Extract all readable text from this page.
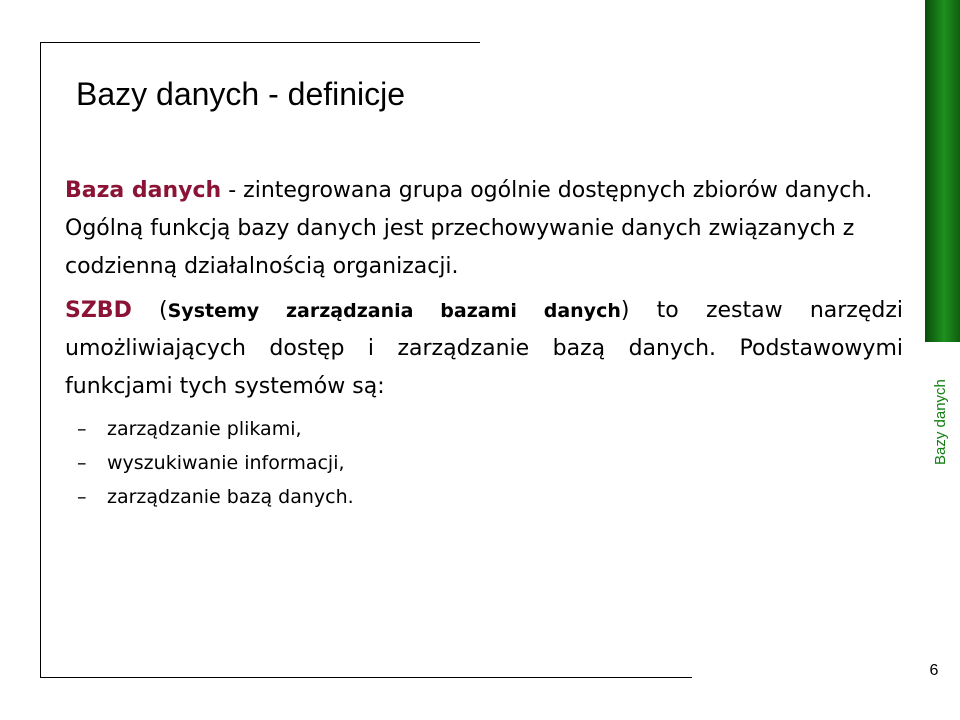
Bazy danych
6
Bazy danych - definicje

Baza danych - zintegrowana grupa ogólnie dostępnych zbiorów danych. Ogólną funkcją bazy danych jest przechowywanie danych związanych z codzienną działalnością organizacji.

SZBD (Systemy zarządzania bazami danych) to zestaw narzędzi umożliwiających dostęp i zarządzanie bazą danych. Podstawowymi funkcjami tych systemów są:

– zarządzanie plikami,
– wyszukiwanie informacji,
– zarządzanie bazą danych.
